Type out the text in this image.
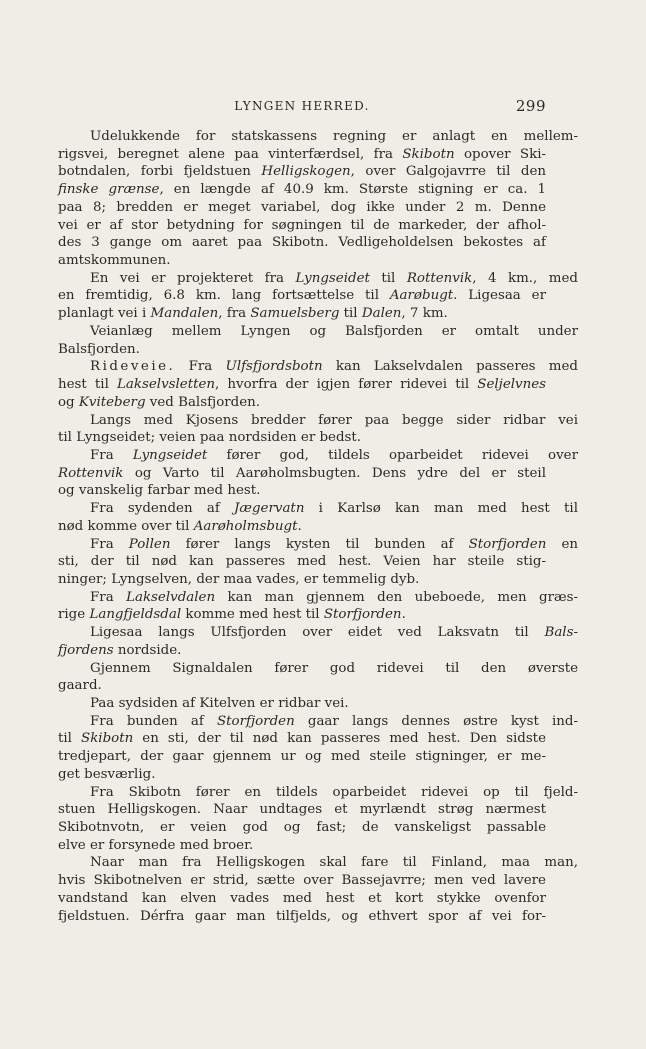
LYNGEN HERRED.	299
Udelukkende for statskassens regning er anlagt en mellem-
rigsvei, beregnet alene paa vinterfærdsel, fra Skibotn opover Ski-
botndalen, forbi fjeldstuen Helligskogen, over Galgojavrre til den
finske grænse, en længde af 40.9 km. Største stigning er ca. 1
paa 8; bredden er meget variabel, dog ikke under 2 m. Denne
vei er af stor betydning for søgningen til de markeder, der afhol-
des 3 gange om aaret paa Skibotn. Vedligeholdelsen bekostes af
amtskommunen.
En vei er projekteret fra Lyngseidet til Rottenvik, 4 km., med
en fremtidig, 6.8 km. lang fortsættelse til Aarøbugt. Ligesaa er
planlagt vei i Mandalen, fra Samuelsberg til Dalen, 7 km.
Veianlæg mellem Lyngen og Balsfjorden er omtalt under
Balsfjorden.
Rideveie. Fra Ulfsfjordsbotn kan Lakselvdalen passeres med
hest til Lakselvsletten, hvorfra der igjen fører ridevei til Seljelvnes
og Kviteberg ved Balsfjorden.
Langs med Kjosens bredder fører paa begge sider ridbar vei
til Lyngseidet; veien paa nordsiden er bedst.
Fra Lyngseidet fører god, tildels oparbeidet ridevei over
Rottenvik og Varto til Aarøholmsbugten. Dens ydre del er steil
og vanskelig farbar med hest.
Fra sydenden af Jægervatn i Karlsø kan man med hest til
nød komme over til Aarøholmsbugt.
Fra Pollen fører langs kysten til bunden af Storfjorden en
sti, der til nød kan passeres med hest. Veien har steile stig-
ninger; Lyngselven, der maa vades, er temmelig dyb.
Fra Lakselvdalen kan man gjennem den ubeboede, men græs-
rige Langfjeldsdal komme med hest til Storfjorden.
Ligesaa langs Ulfsfjorden over eidet ved Laksvatn til Bals-
fjordens nordside.
Gjennem Signaldalen fører god ridevei til den øverste
gaard.
Paa sydsiden af Kitelven er ridbar vei.
Fra bunden af Storfjorden gaar langs dennes østre kyst ind-
til Skibotn en sti, der til nød kan passeres med hest. Den sidste
tredjepart, der gaar gjennem ur og med steile stigninger, er me-
get besværlig.
Fra Skibotn fører en tildels oparbeidet ridevei op til fjeld-
stuen Helligskogen. Naar undtages et myrlændt strøg nærmest
Skibotnvotn, er veien god og fast; de vanskeligst passable
elve er forsynede med broer.
Naar man fra Helligskogen skal fare til Finland, maa man,
hvis Skibotnelven er strid, sætte over Bassejavrre; men ved lavere
vandstand kan elven vades med hest et kort stykke ovenfor
fjeldstuen. Dérfra gaar man tilfjelds, og ethvert spor af vei for-
